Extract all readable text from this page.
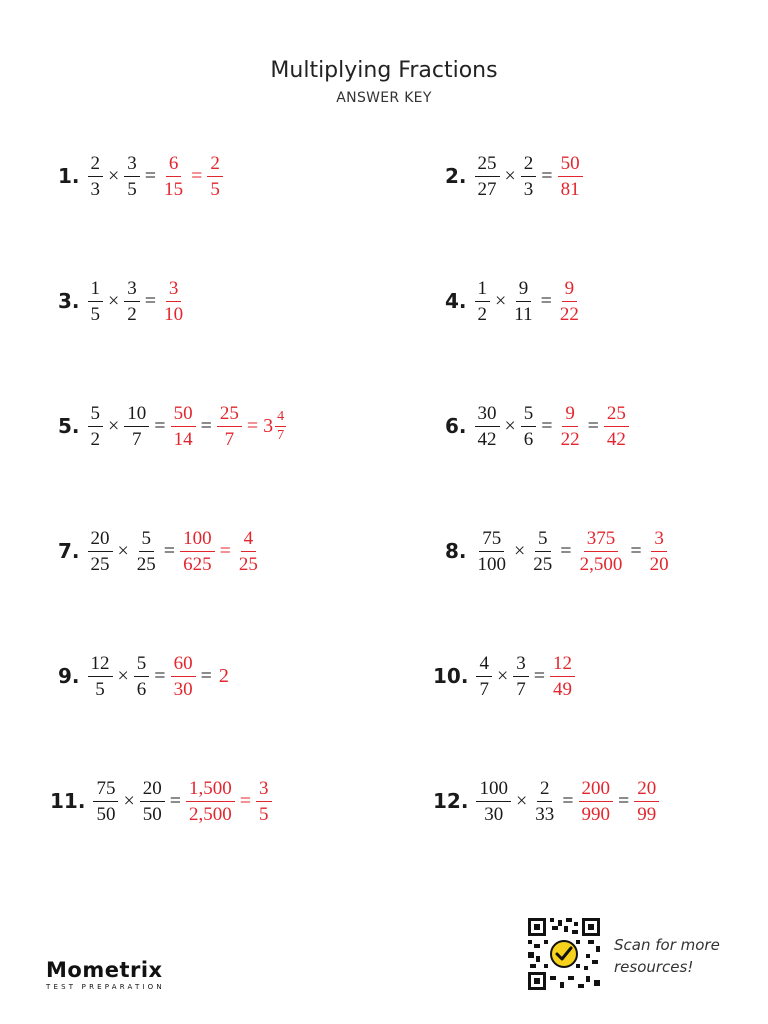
Multiplying Fractions
ANSWER KEY
1. $\frac{2}{3} \times \frac{3}{5} = \frac{6}{15} = \frac{2}{5}$	2. $\frac{25}{27} \times \frac{2}{3} = \frac{50}{81}$
3. $\frac{1}{5} \times \frac{3}{2} = \frac{3}{10}$	4. $\frac{1}{2} \times \frac{9}{11} = \frac{9}{22}$
5. $\frac{5}{2} \times \frac{10}{7} = \frac{50}{14} = \frac{25}{7} = 3 \frac{4}{7}$	6. $\frac{30}{42} \times \frac{5}{6} = \frac{9}{22} = \frac{25}{42}$
7. $\frac{20}{25} \times \frac{5}{25} = \frac{100}{625} = \frac{4}{25}$	8. $\frac{75}{100} \times \frac{5}{25} = \frac{375}{2,500} = \frac{3}{20}$
9. $\frac{12}{5} \times \frac{5}{6} = \frac{60}{30} = 2$	10. $\frac{4}{7} \times \frac{3}{7} = \frac{12}{49}$
11. $\frac{75}{50} \times \frac{20}{50} = \frac{1,500}{2,500} = \frac{3}{5}$	12. $\frac{100}{30} \times \frac{2}{33} = \frac{200}{990} = \frac{20}{99}$
Mometrix
TEST PREPARATION
Scan for more
resources!
